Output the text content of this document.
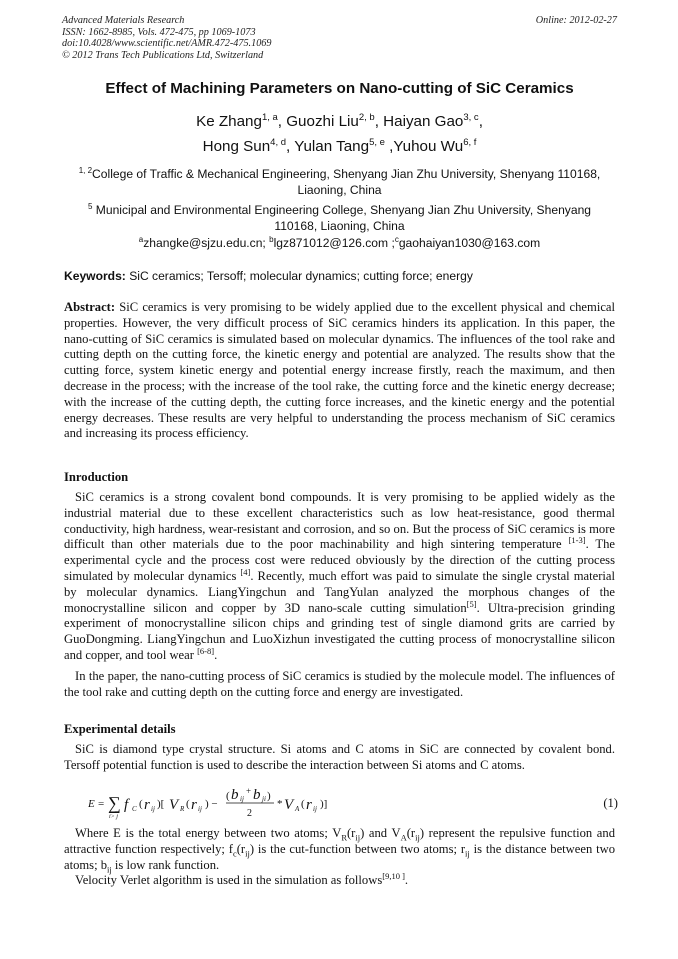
Advanced Materials Research
ISSN: 1662-8985, Vols. 472-475, pp 1069-1073
doi:10.4028/www.scientific.net/AMR.472-475.1069
© 2012 Trans Tech Publications Ltd, Switzerland
Online: 2012-02-27
Effect of Machining Parameters on Nano-cutting of SiC Ceramics
Ke Zhang$^{1, a}$, Guozhi Liu$^{2, b}$, Haiyan Gao$^{3, c}$,
Hong Sun$^{4, d}$, Yulan Tang$^{5, e}$ ,Yuhou Wu$^{6, f}$
$^{1, 2}$College of Traffic & Mechanical Engineering, Shenyang Jian Zhu University, Shenyang 110168,
Liaoning, China
$^5$ Municipal and Environmental Engineering College, Shenyang Jian Zhu University, Shenyang
110168, Liaoning, China
$^a$zhangke@sjzu.edu.cn; $^b$lgz871012@126.com ;$^c$gaohaiyan1030@163.com
Keywords: SiC ceramics; Tersoff; molecular dynamics; cutting force; energy
Abstract: SiC ceramics is very promising to be widely applied due to the excellent physical and chemical properties. However, the very difficult process of SiC ceramics hinders its application. In this paper, the nano-cutting of SiC ceramics is simulated based on molecular dynamics. The influences of the tool rake and cutting depth on the cutting force, the kinetic energy and potential are analyzed. The results show that the cutting force, system kinetic energy and potential energy increase firstly, reach the maximum, and then decrease in the process; with the increase of the tool rake, the cutting force and the kinetic energy decrease; with the increase of the cutting depth, the cutting force increases, and the kinetic energy and the potential energy decreases. These results are very helpful to understanding the process mechanism of SiC ceramics and increasing its process efficiency.
Inroduction
SiC ceramics is a strong covalent bond compounds. It is very promising to be applied widely as the industrial material due to these excellent characteristics such as low heat-resistance, good thermal conductivity, high hardness, wear-resistant and corrosion, and so on. But the process of SiC ceramics is more difficult than other materials due to the poor machinability and high sintering temperature [1-3]. The experimental cycle and the process cost were reduced obviously by the direction of the cutting process simulated by molecular dynamics [4]. Recently, much effort was paid to simulate the single crystal material by molecular dynamics. LiangYingchun and TangYulan analyzed the morphous changes of the monocrystalline silicon and copper by 3D nano-scale cutting simulation[5]. Ultra-precision grinding experiment of monocrystalline silicon chips and grinding test of single diamond grits are carried by GuoDongming. LiangYingchun and LuoXizhun investigated the cutting process of monocrystalline silicon and copper, and tool wear [6-8].
In the paper, the nano-cutting process of SiC ceramics is studied by the molecule model. The influences of the tool rake and cutting depth on the cutting force and energy are investigated.
Experimental details
SiC is diamond type crystal structure. Si atoms and C atoms in SiC are connected by covalent bond. Tersoff potential function is used to describe the interaction between Si atoms and C atoms.
E = ∑
i> j
f C ( r ij )[ V R ( r ij ) −
( b ij
+ b ji )
2
* V A ( r ij )]	(1)
Where E is the total energy between two atoms; $V_R(r_{ij})$ and $V_A(r_{ij})$ represent the repulsive function and attractive function respectively; $f_c(r_{ij})$ is the cut-function between two atoms; $r_{ij}$ is the distance between two atoms; $b_{ij}$ is low rank function.
Velocity Verlet algorithm is used in the simulation as follows[9,10 ].
